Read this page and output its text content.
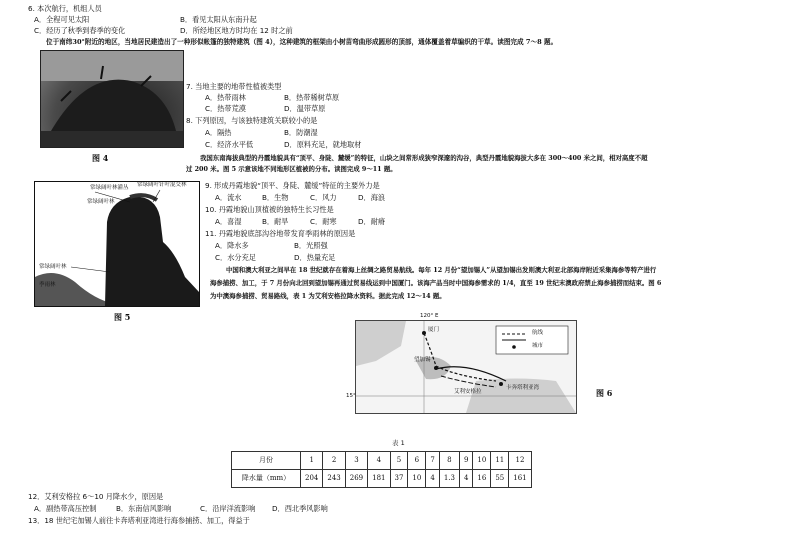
6. 本次航行，机组人员
A．全程可见太阳	B．看见太阳从东南升起
C．经历了秋季到春季的变化	D．所经地区地方时均在 12 时之前
位于南纬30°附近的地区，当地居民建造出了一种形似帐篷的独特建筑（图 4），这种建筑的框架由小树苗弯曲形成圆形的顶部，通体覆盖着草编织的干草。读图完成 7～8 题。
图 4
7. 当地主要的地带性植被类型
A．热带雨林	B．热带稀树草原
C．热带荒漠	D．温带草原
8. 下列原因，与该独特建筑关联较小的是
A．隔热	B．防潮湿
C．经济水平低	D．原料充足，就地取材
我国东南海拔典型的丹霞地貌具有“顶平、身陡、麓缓”的特征，山块之间常形成狭窄深邃的沟谷，典型丹霞地貌海拔大多在 300～400 米之间，相对高度不超
过 200 米。图 5 示意该地不同地形区植被的分布。读图完成 9～11 题。
常绿阔叶林灌丛 常绿阔叶针叶混交林
常绿阔叶林
常绿阔叶林
季雨林
图 5
9. 形成丹霞地貌“顶平、身陡、麓缓”特征的主要外力是
A．流水	B．生物	C．风力	D．海浪
10. 丹霞地貌山顶植被的独特生长习性是
A．喜湿	B．耐旱	C．耐寒	D．耐瘠
11. 丹霞地貌底部沟谷地带发育季雨林的原因是
A．降水多	B．光照强
C．水分充足	D．热量充足
中国和澳大利亚之间早在 18 世纪就存在着海上丝绸之路贸易航线。每年 12 月份“望加锡人”从望加锡出发则澳大利亚北部海岸附近采集海参等特产进行
海参捕捞、加工，于 7 月份向北回到望加锡再通过贸易线运到中国厦门。该海产品当时中国海参需求的 1/4，直至 19 世纪末澳政府禁止海参捕捞而结束。图 6
为中澳海参捕捞、贸易路线，表 1 为艾利安格拉降水资料。据此完成 12～14 题。
120° E
15°
厦门
望加锡
艾利安格拉
卡奔塔利亚湾
航线
城市
图 6
表 1
月份	1	2	3	4	5	6	7	8	9	10	11	12
降水量（mm）	204	243	269	181	37	10	4	1.3	4	16	55	161
12．艾利安格拉 6～10 月降水少，原因是
A．副热带高压控制	B．东南信风影响	C．沿岸洋流影响 D．西北季风影响
13．18 世纪宅加锡人前往卡奔塔利亚湾进行海参捕捞、加工，得益于
